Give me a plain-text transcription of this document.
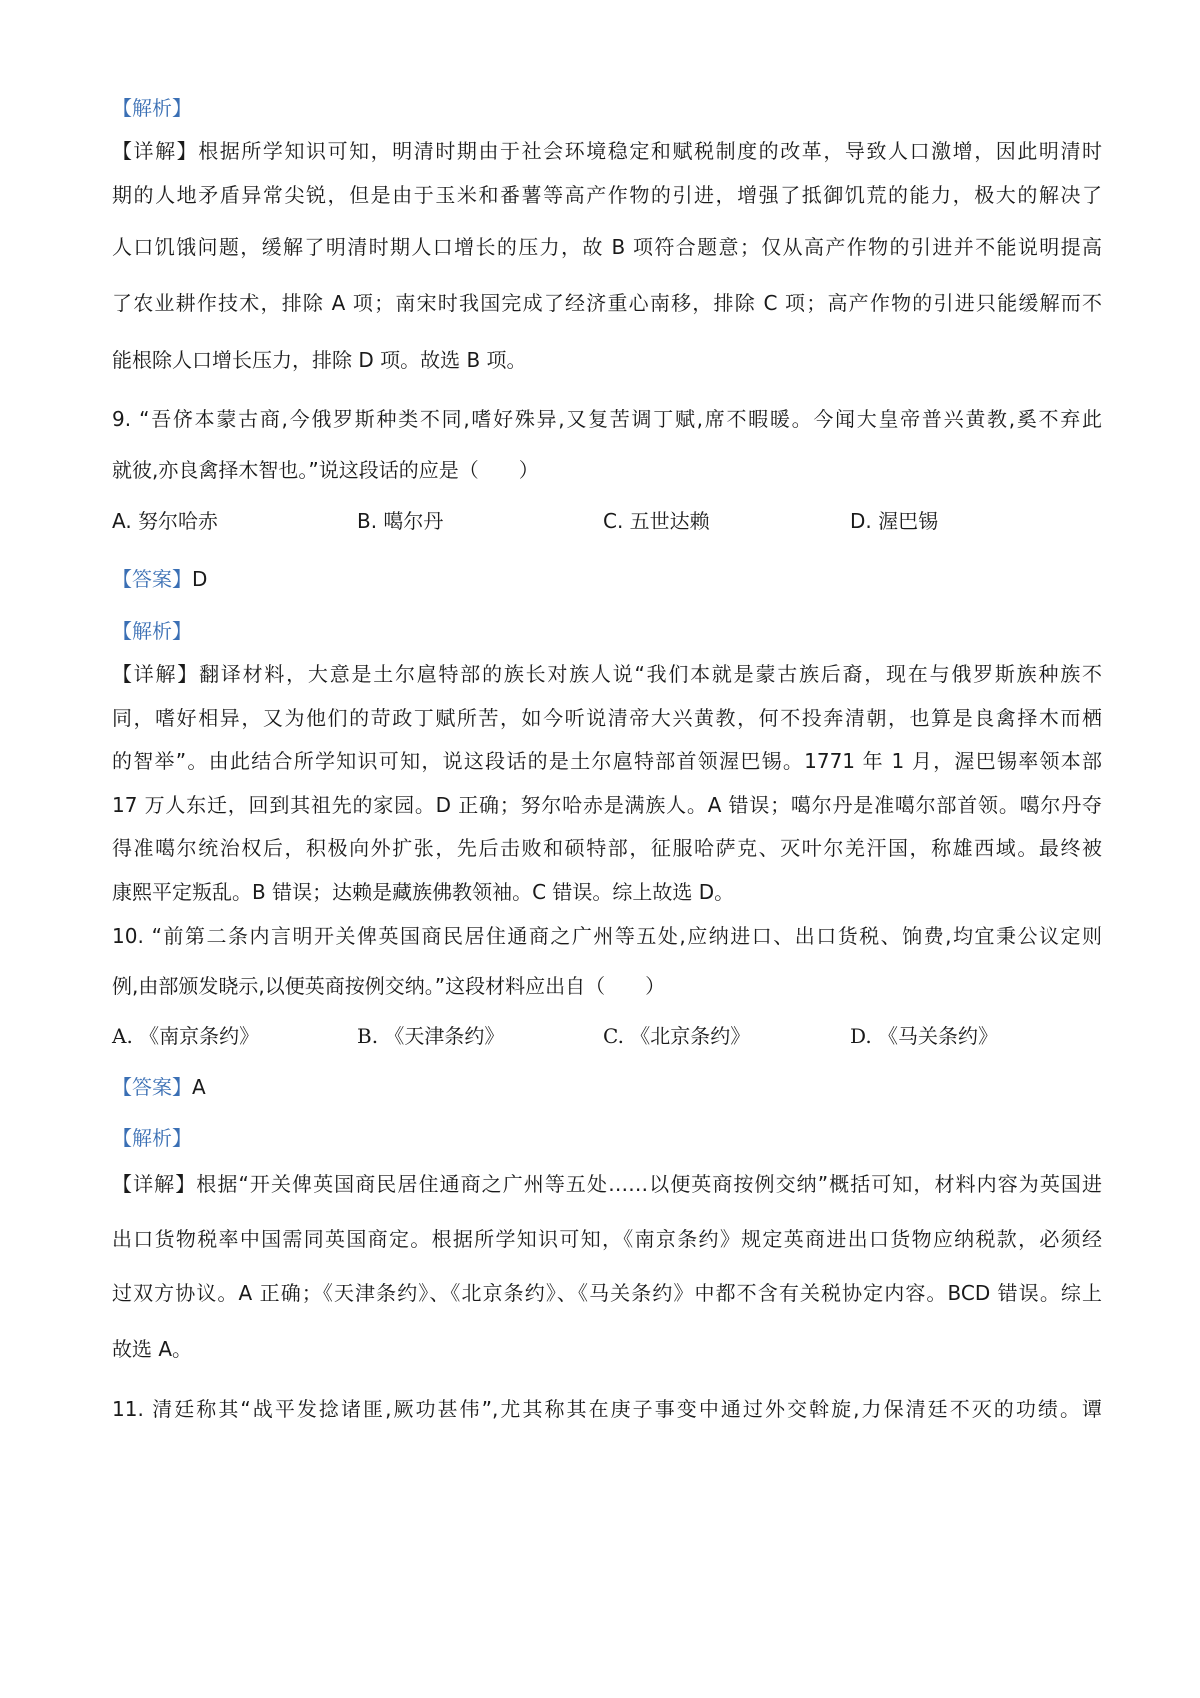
【解析】
【详解】根据所学知识可知，明清时期由于社会环境稳定和赋税制度的改革，导致人口激增，因此明清时
期的人地矛盾异常尖锐，但是由于玉米和番薯等高产作物的引进，增强了抵御饥荒的能力，极大的解决了
人口饥饿问题，缓解了明清时期人口增长的压力，故 B 项符合题意；仅从高产作物的引进并不能说明提高
了农业耕作技术，排除 A 项；南宋时我国完成了经济重心南移，排除 C 项；高产作物的引进只能缓解而不
能根除人口增长压力，排除 D 项。故选 B 项。
9. “吾侪本蒙古商,今俄罗斯种类不同,嗜好殊异,又复苦调丁赋,席不暇暖。今闻大皇帝普兴黄教,奚不弃此
就彼,亦良禽择木智也。”说这段话的应是（　　）
A. 努尔哈赤	B. 噶尔丹	C. 五世达赖	D. 渥巴锡
【答案】D
【解析】
【详解】翻译材料，大意是土尔扈特部的族长对族人说“我们本就是蒙古族后裔，现在与俄罗斯族种族不
同，嗜好相异，又为他们的苛政丁赋所苦，如今听说清帝大兴黄教，何不投奔清朝，也算是良禽择木而栖
的智举”。由此结合所学知识可知，说这段话的是土尔扈特部首领渥巴锡。1771 年 1 月，渥巴锡率领本部
17 万人东迁，回到其祖先的家园。D 正确；努尔哈赤是满族人。A 错误；噶尔丹是准噶尔部首领。噶尔丹夺
得准噶尔统治权后，积极向外扩张，先后击败和硕特部，征服哈萨克、灭叶尔羌汗国，称雄西域。最终被
康熙平定叛乱。B 错误；达赖是藏族佛教领袖。C 错误。综上故选 D。
10. “前第二条内言明开关俾英国商民居住通商之广州等五处,应纳进口、出口货税、饷费,均宜秉公议定则
例,由部颁发晓示,以便英商按例交纳。”这段材料应出自（　　）
A. 《南京条约》	B. 《天津条约》	C. 《北京条约》	D. 《马关条约》
【答案】A
【解析】
【详解】根据“开关俾英国商民居住通商之广州等五处……以便英商按例交纳”概括可知，材料内容为英国进
出口货物税率中国需同英国商定。根据所学知识可知，《南京条约》规定英商进出口货物应纳税款，必须经
过双方协议。A 正确；《天津条约》、《北京条约》、《马关条约》中都不含有关税协定内容。BCD 错误。综上
故选 A。
11. 清廷称其“战平发捻诸匪,厥功甚伟”,尤其称其在庚子事变中通过外交斡旋,力保清廷不灭的功绩。谭
